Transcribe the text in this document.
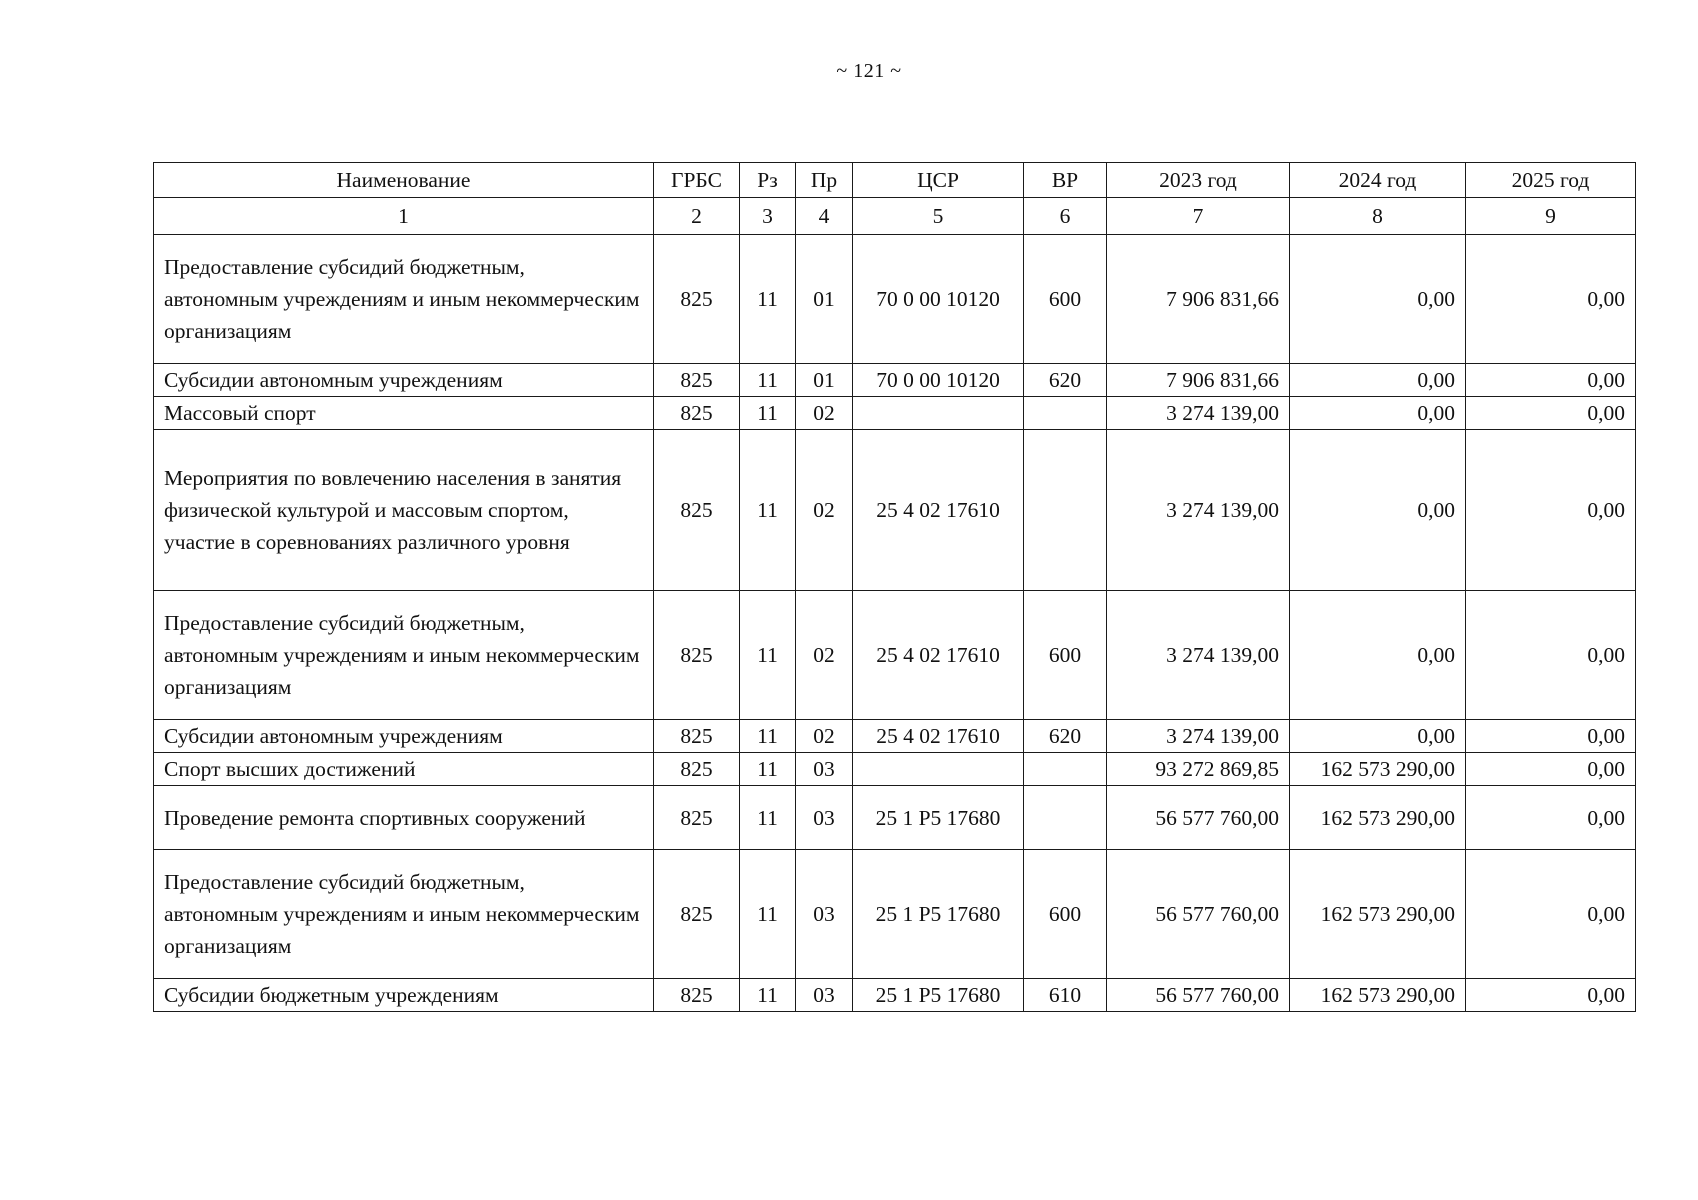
~ 121 ~
Наименование	ГРБС	Рз	Пр	ЦСР	ВР	2023 год	2024 год	2025 год
1	2	3	4	5	6	7	8	9
Предоставление субсидий бюджетным, автономным учреждениям и иным некоммерческим организациям	825	11	01	70 0 00 10120	600	7 906 831,66	0,00	0,00
Субсидии автономным учреждениям	825	11	01	70 0 00 10120	620	7 906 831,66	0,00	0,00
Массовый спорт	825	11	02			3 274 139,00	0,00	0,00
Мероприятия по вовлечению населения в занятия физической культурой и массовым спортом, участие в соревнованиях различного уровня	825	11	02	25 4 02 17610		3 274 139,00	0,00	0,00
Предоставление субсидий бюджетным, автономным учреждениям и иным некоммерческим организациям	825	11	02	25 4 02 17610	600	3 274 139,00	0,00	0,00
Субсидии автономным учреждениям	825	11	02	25 4 02 17610	620	3 274 139,00	0,00	0,00
Спорт высших достижений	825	11	03			93 272 869,85	162 573 290,00	0,00
Проведение ремонта спортивных сооружений	825	11	03	25 1 P5 17680		56 577 760,00	162 573 290,00	0,00
Предоставление субсидий бюджетным, автономным учреждениям и иным некоммерческим организациям	825	11	03	25 1 P5 17680	600	56 577 760,00	162 573 290,00	0,00
Субсидии бюджетным учреждениям	825	11	03	25 1 P5 17680	610	56 577 760,00	162 573 290,00	0,00
